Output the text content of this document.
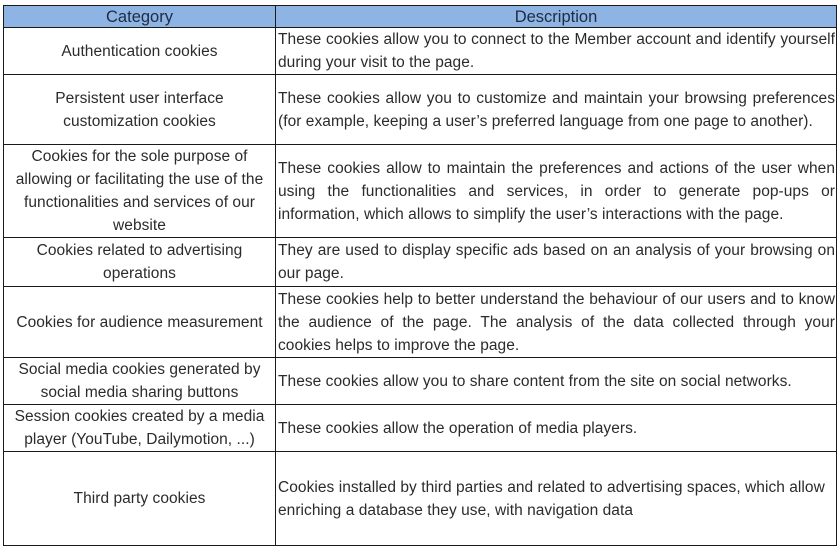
Category	Description
Authentication cookies	These cookies allow you to connect to the Member account and identify yourself during your visit to the page.
Persistent user interface customization cookies	These cookies allow you to customize and maintain your browsing preferences (for example, keeping a user’s preferred language from one page to another).
Cookies for the sole purpose of allowing or facilitating the use of the functionalities and services of our website	These cookies allow to maintain the preferences and actions of the user when using the functionalities and services, in order to generate pop-ups or information, which allows to simplify the user’s interactions with the page.
Cookies related to advertising operations	They are used to display specific ads based on an analysis of your browsing on our page.
Cookies for audience measurement	These cookies help to better understand the behaviour of our users and to know the audience of the page. The analysis of the data collected through your cookies helps to improve the page.
Social media cookies generated by social media sharing buttons	These cookies allow you to share content from the site on social networks.
Session cookies created by a media player (YouTube, Dailymotion, ...)	These cookies allow the operation of media players.
Third party cookies	Cookies installed by third parties and related to advertising spaces, which allow enriching a database they use, with navigation data
